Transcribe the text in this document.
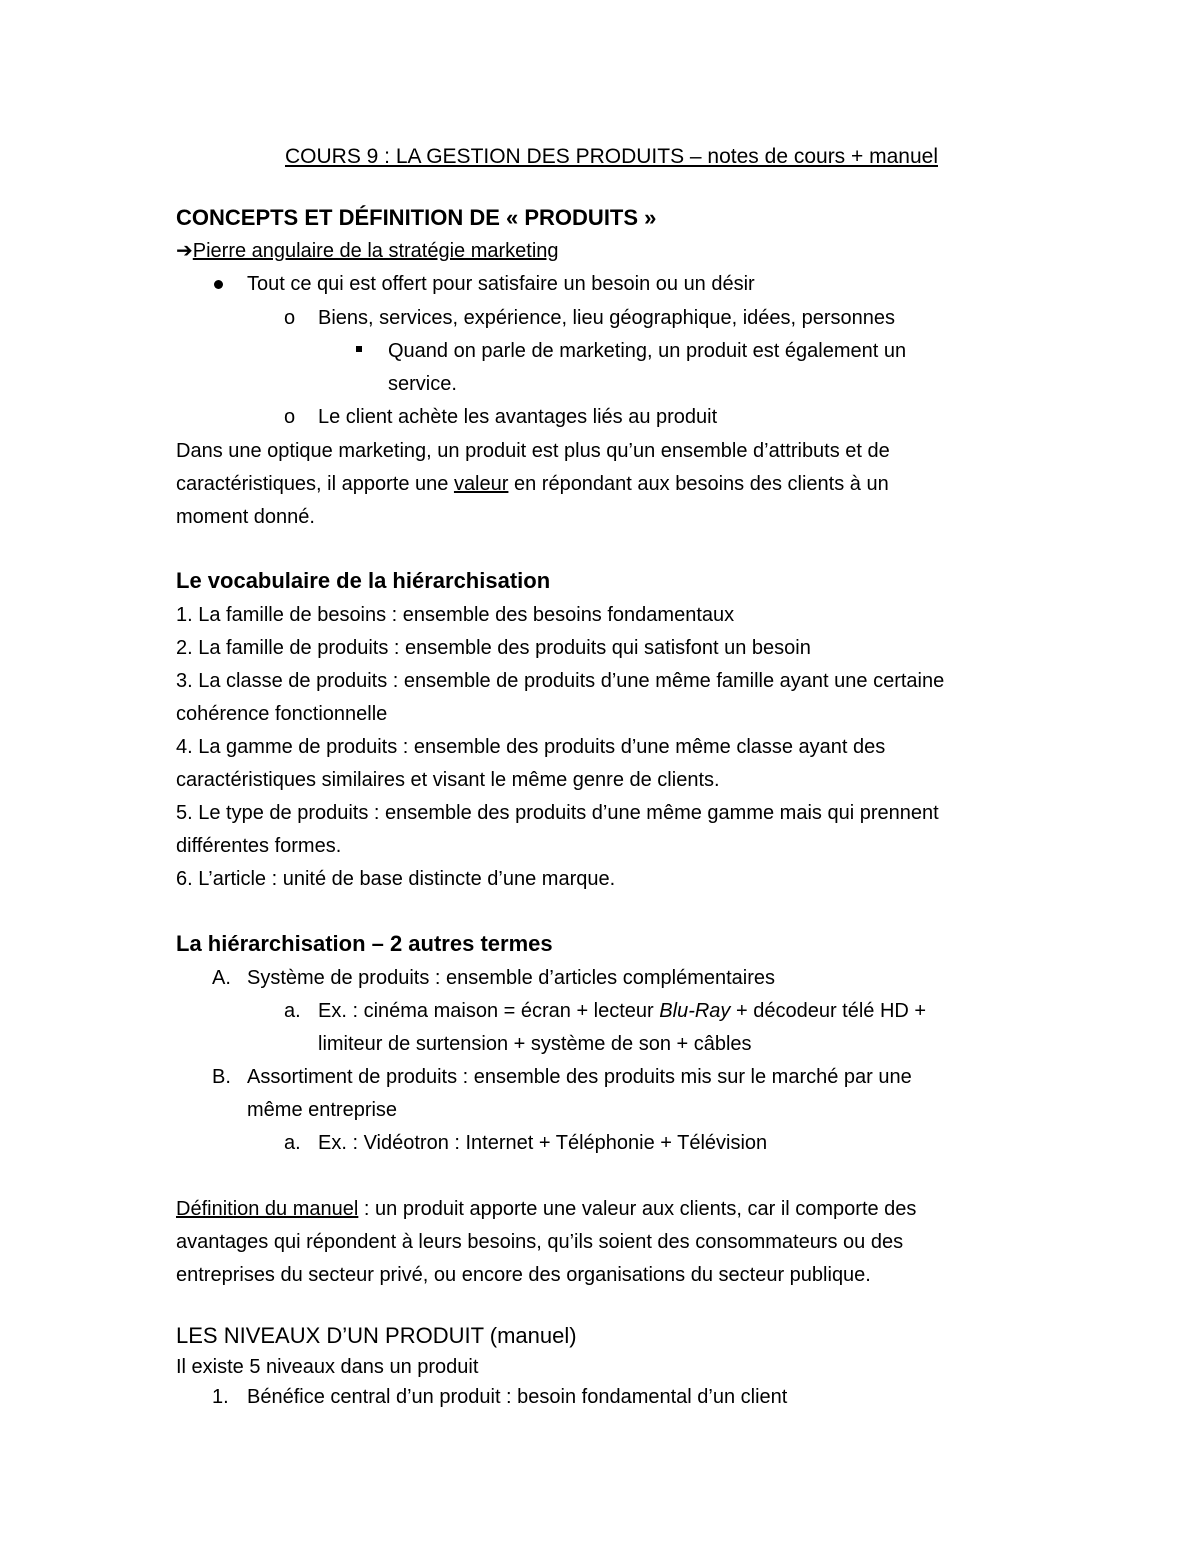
COURS 9 : LA GESTION DES PRODUITS – notes de cours + manuel
CONCEPTS ET DÉFINITION DE « PRODUITS »
➔Pierre angulaire de la stratégie marketing
Tout ce qui est offert pour satisfaire un besoin ou un désir
o Biens, services, expérience, lieu géographique, idées, personnes
Quand on parle de marketing, un produit est également un
service.
o Le client achète les avantages liés au produit
Dans une optique marketing, un produit est plus qu’un ensemble d’attributs et de
caractéristiques, il apporte une valeur en répondant aux besoins des clients à un
moment donné.
Le vocabulaire de la hiérarchisation
1. La famille de besoins : ensemble des besoins fondamentaux
2. La famille de produits : ensemble des produits qui satisfont un besoin
3. La classe de produits : ensemble de produits d’une même famille ayant une certaine
cohérence fonctionnelle
4. La gamme de produits : ensemble des produits d’une même classe ayant des
caractéristiques similaires et visant le même genre de clients.
5. Le type de produits : ensemble des produits d’une même gamme mais qui prennent
différentes formes.
6. L’article : unité de base distincte d’une marque.
La hiérarchisation – 2 autres termes
A. Système de produits : ensemble d’articles complémentaires
a. Ex. : cinéma maison = écran + lecteur Blu-Ray + décodeur télé HD +
limiteur de surtension + système de son + câbles
B. Assortiment de produits : ensemble des produits mis sur le marché par une
même entreprise
a. Ex. : Vidéotron : Internet + Téléphonie + Télévision
Définition du manuel : un produit apporte une valeur aux clients, car il comporte des
avantages qui répondent à leurs besoins, qu’ils soient des consommateurs ou des
entreprises du secteur privé, ou encore des organisations du secteur publique.
LES NIVEAUX D’UN PRODUIT (manuel)
Il existe 5 niveaux dans un produit
1. Bénéfice central d’un produit : besoin fondamental d’un client
